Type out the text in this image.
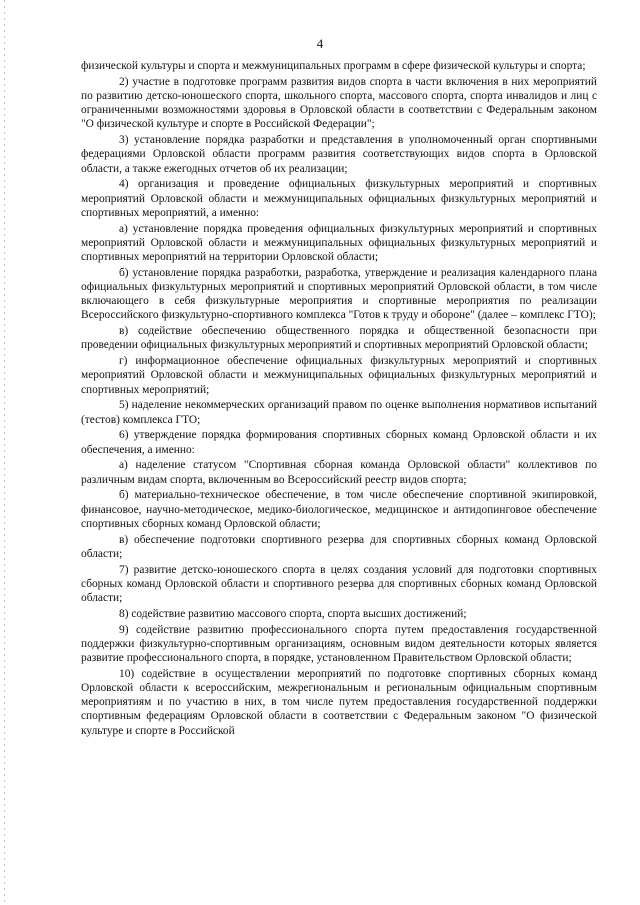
4

физической культуры и спорта и межмуниципальных программ в сфере физической культуры и спорта;

2) участие в подготовке программ развития видов спорта в части включения в них мероприятий по развитию детско-юношеского спорта, школьного спорта, массового спорта, спорта инвалидов и лиц с ограниченными возможностями здоровья в Орловской области в соответствии с Федеральным законом "О физической культуре и спорте в Российской Федерации";

3) установление порядка разработки и представления в уполномоченный орган спортивными федерациями Орловской области программ развития соответствующих видов спорта в Орловской области, а также ежегодных отчетов об их реализации;

4) организация и проведение официальных физкультурных мероприятий и спортивных мероприятий Орловской области и межмуниципальных официальных физкультурных мероприятий и спортивных мероприятий, а именно:

а) установление порядка проведения официальных физкультурных мероприятий и спортивных мероприятий Орловской области и межмуниципальных официальных физкультурных мероприятий и спортивных мероприятий на территории Орловской области;

б) установление порядка разработки, разработка, утверждение и реализация календарного плана официальных физкультурных мероприятий и спортивных мероприятий Орловской области, в том числе включающего в себя физкультурные мероприятия и спортивные мероприятия по реализации Всероссийского физкультурно-спортивного комплекса "Готов к труду и обороне" (далее – комплекс ГТО);

в) содействие обеспечению общественного порядка и общественной безопасности при проведении официальных физкультурных мероприятий и спортивных мероприятий Орловской области;

г) информационное обеспечение официальных физкультурных мероприятий и спортивных мероприятий Орловской области и межмуниципальных официальных физкультурных мероприятий и спортивных мероприятий;

5) наделение некоммерческих организаций правом по оценке выполнения нормативов испытаний (тестов) комплекса ГТО;

6) утверждение порядка формирования спортивных сборных команд Орловской области и их обеспечения, а именно:

а) наделение статусом "Спортивная сборная команда Орловской области" коллективов по различным видам спорта, включенным во Всероссийский реестр видов спорта;

б) материально-техническое обеспечение, в том числе обеспечение спортивной экипировкой, финансовое, научно-методическое, медико-биологическое, медицинское и антидопинговое обеспечение спортивных сборных команд Орловской области;

в) обеспечение подготовки спортивного резерва для спортивных сборных команд Орловской области;

7) развитие детско-юношеского спорта в целях создания условий для подготовки спортивных сборных команд Орловской области и спортивного резерва для спортивных сборных команд Орловской области;

8) содействие развитию массового спорта, спорта высших достижений;

9) содействие развитию профессионального спорта путем предоставления государственной поддержки физкультурно-спортивным организациям, основным видом деятельности которых является развитие профессионального спорта, в порядке, установленном Правительством Орловской области;

10) содействие в осуществлении мероприятий по подготовке спортивных сборных команд Орловской области к всероссийским, межрегиональным и региональным официальным спортивным мероприятиям и по участию в них, в том числе путем предоставления государственной поддержки спортивным федерациям Орловской области в соответствии с Федеральным законом "О физической культуре и спорте в Российской
